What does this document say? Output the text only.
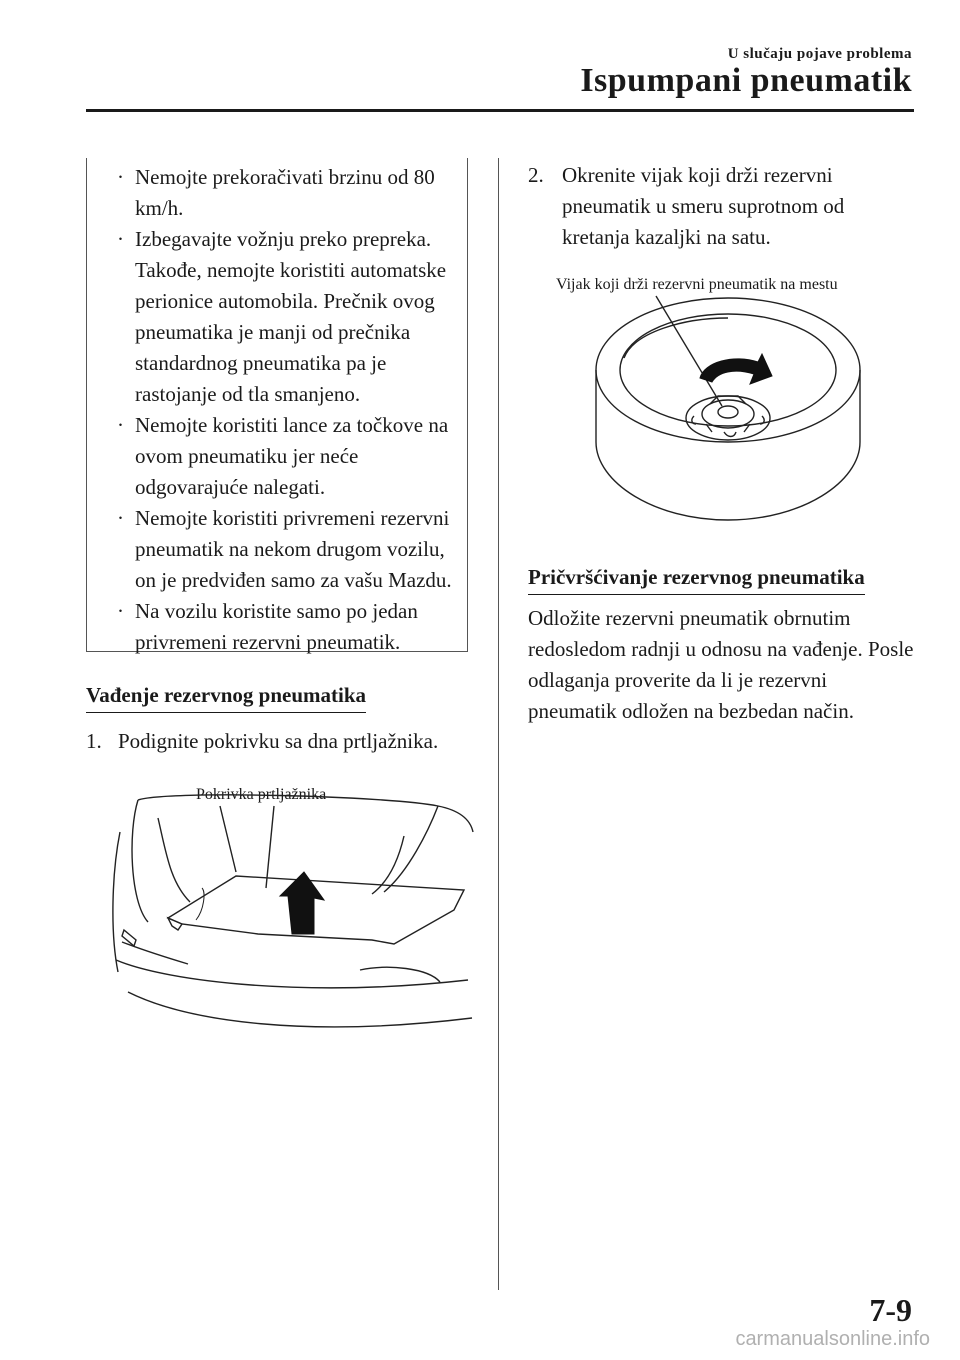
U slučaju pojave problema
Ispumpani pneumatik
· Nemojte prekoračivati brzinu od 80 km/h.
· Izbegavajte vožnju preko prepreka. Takođe, nemojte koristiti automatske perionice automobila. Prečnik ovog pneumatika je manji od prečnika standardnog pneumatika pa je rastojanje od tla smanjeno.
· Nemojte koristiti lance za točkove na ovom pneumatiku jer neće odgovarajuće nalegati.
· Nemojte koristiti privremeni rezervni pneumatik na nekom drugom vozilu, on je predviđen samo za vašu Mazdu.
· Na vozilu koristite samo po jedan privremeni rezervni pneumatik.
Vađenje rezervnog pneumatika
1. Podignite pokrivku sa dna prtljažnika.
Pokrivka prtljažnika
2. Okrenite vijak koji drži rezervni pneumatik u smeru suprotnom od kretanja kazaljki na satu.
Vijak koji drži rezervni pneumatik na mestu
Pričvršćivanje rezervnog pneumatika
Odložite rezervni pneumatik obrnutim redosledom radnji u odnosu na vađenje. Posle odlaganja proverite da li je rezervni pneumatik odložen na bezbedan način.
7-9
carmanualsonline.info
